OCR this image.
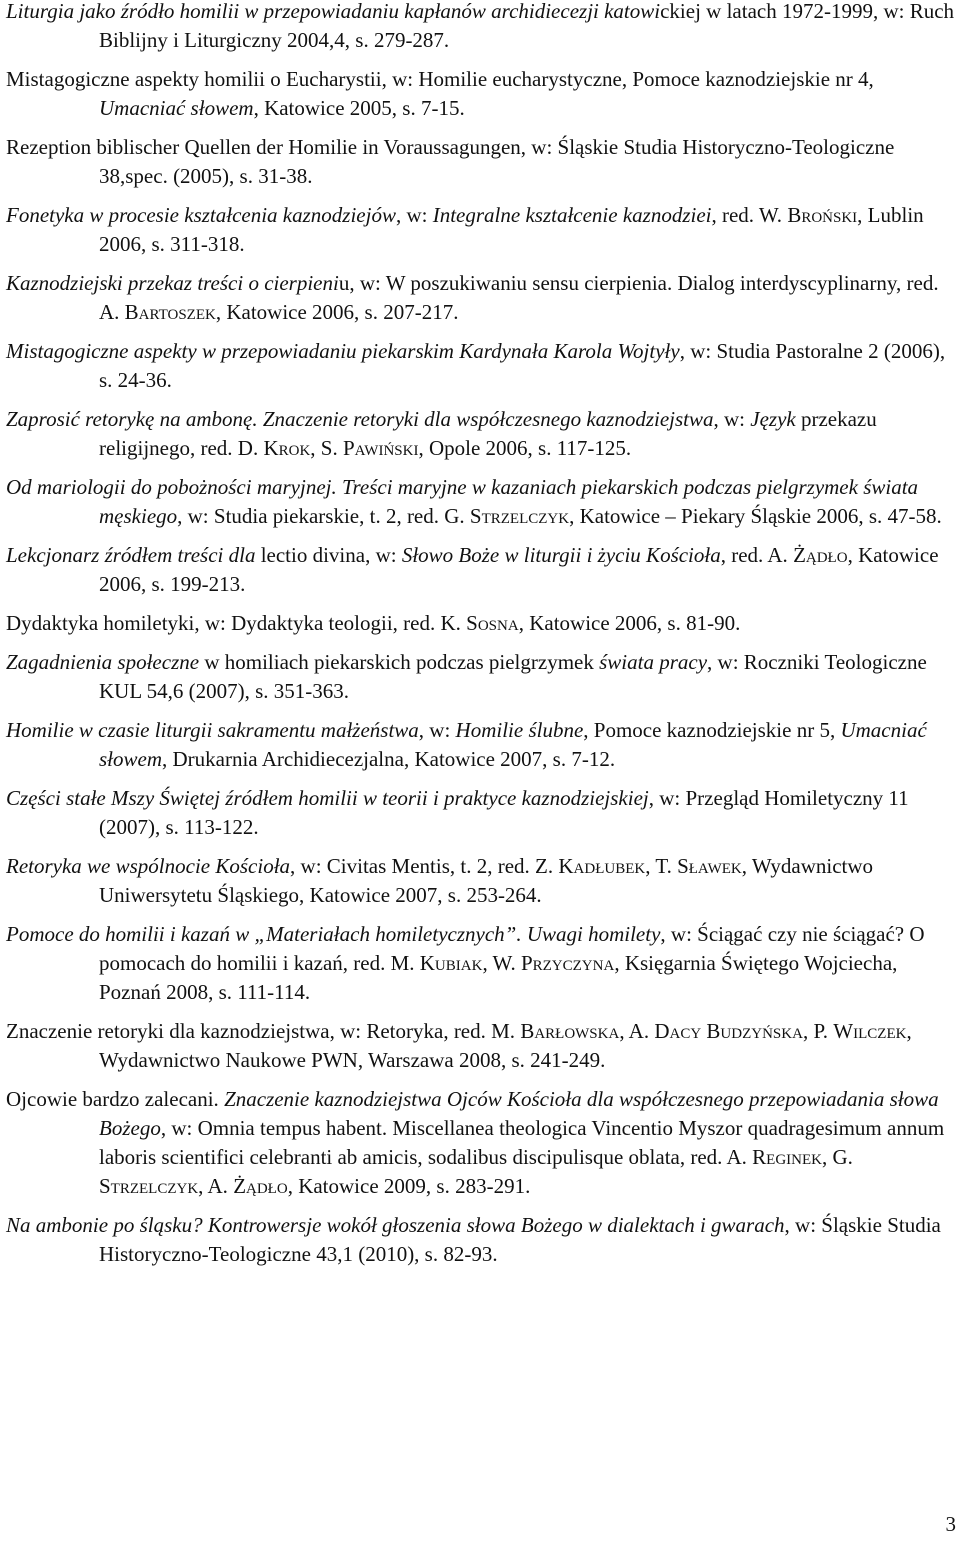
Liturgia jako źródło homilii w przepowiadaniu kapłanów archidiecezji katowickiej w latach 1972-1999, w: Ruch Biblijny i Liturgiczny 2004,4, s. 279-287.

Mistagogiczne aspekty homilii o Eucharystii, w: Homilie eucharystyczne, Pomoce kaznodziejskie nr 4, Umacniać słowem, Katowice 2005, s. 7-15.

Rezeption biblischer Quellen der Homilie in Voraussagungen, w: Śląskie Studia Historyczno-Teologiczne 38,spec. (2005), s. 31-38.

Fonetyka w procesie kształcenia kaznodziejów, w: Integralne kształcenie kaznodziei, red. W. Broński, Lublin 2006, s. 311-318.

Kaznodziejski przekaz treści o cierpieniu, w: W poszukiwaniu sensu cierpienia. Dialog interdyscyplinarny, red. A. Bartoszek, Katowice 2006, s. 207-217.

Mistagogiczne aspekty w przepowiadaniu piekarskim Kardynała Karola Wojtyły, w: Studia Pastoralne 2 (2006), s. 24-36.

Zaprosić retorykę na ambonę. Znaczenie retoryki dla współczesnego kaznodziejstwa, w: Język przekazu religijnego, red. D. Krok, S. Pawiński, Opole 2006, s. 117-125.

Od mariologii do pobożności maryjnej. Treści maryjne w kazaniach piekarskich podczas pielgrzymek świata męskiego, w: Studia piekarskie, t. 2, red. G. Strzelczyk, Katowice – Piekary Śląskie 2006, s. 47-58.

Lekcjonarz źródłem treści dla lectio divina, w: Słowo Boże w liturgii i życiu Kościoła, red. A. Żądło, Katowice 2006, s. 199-213.

Dydaktyka homiletyki, w: Dydaktyka teologii, red. K. Sosna, Katowice 2006, s. 81-90.

Zagadnienia społeczne w homiliach piekarskich podczas pielgrzymek świata pracy, w: Roczniki Teologiczne KUL 54,6 (2007), s. 351-363.

Homilie w czasie liturgii sakramentu małżeństwa, w: Homilie ślubne, Pomoce kaznodziejskie nr 5, Umacniać słowem, Drukarnia Archidiecezjalna, Katowice 2007, s. 7-12.

Części stałe Mszy Świętej źródłem homilii w teorii i praktyce kaznodziejskiej, w: Przegląd Homiletyczny 11 (2007), s. 113-122.

Retoryka we wspólnocie Kościoła, w: Civitas Mentis, t. 2, red. Z. Kadłubek, T. Sławek, Wydawnictwo Uniwersytetu Śląskiego, Katowice 2007, s. 253-264.

Pomoce do homilii i kazań w „Materiałach homiletycznych”. Uwagi homilety, w: Ściągać czy nie ściągać? O pomocach do homilii i kazań, red. M. Kubiak, W. Przyczyna, Księgarnia Świętego Wojciecha, Poznań 2008, s. 111-114.

Znaczenie retoryki dla kaznodziejstwa, w: Retoryka, red. M. Barłowska, A. Dacy Budzyńska, P. Wilczek, Wydawnictwo Naukowe PWN, Warszawa 2008, s. 241-249.

Ojcowie bardzo zalecani. Znaczenie kaznodziejstwa Ojców Kościoła dla współczesnego przepowiadania słowa Bożego, w: Omnia tempus habent. Miscellanea theologica Vincentio Myszor quadragesimum annum laboris scientifici celebranti ab amicis, sodalibus discipulisque oblata, red. A. Reginek, G. Strzelczyk, A. Żądło, Katowice 2009, s. 283-291.

Na ambonie po śląsku? Kontrowersje wokół głoszenia słowa Bożego w dialektach i gwarach, w: Śląskie Studia Historyczno-Teologiczne 43,1 (2010), s. 82-93.

3
